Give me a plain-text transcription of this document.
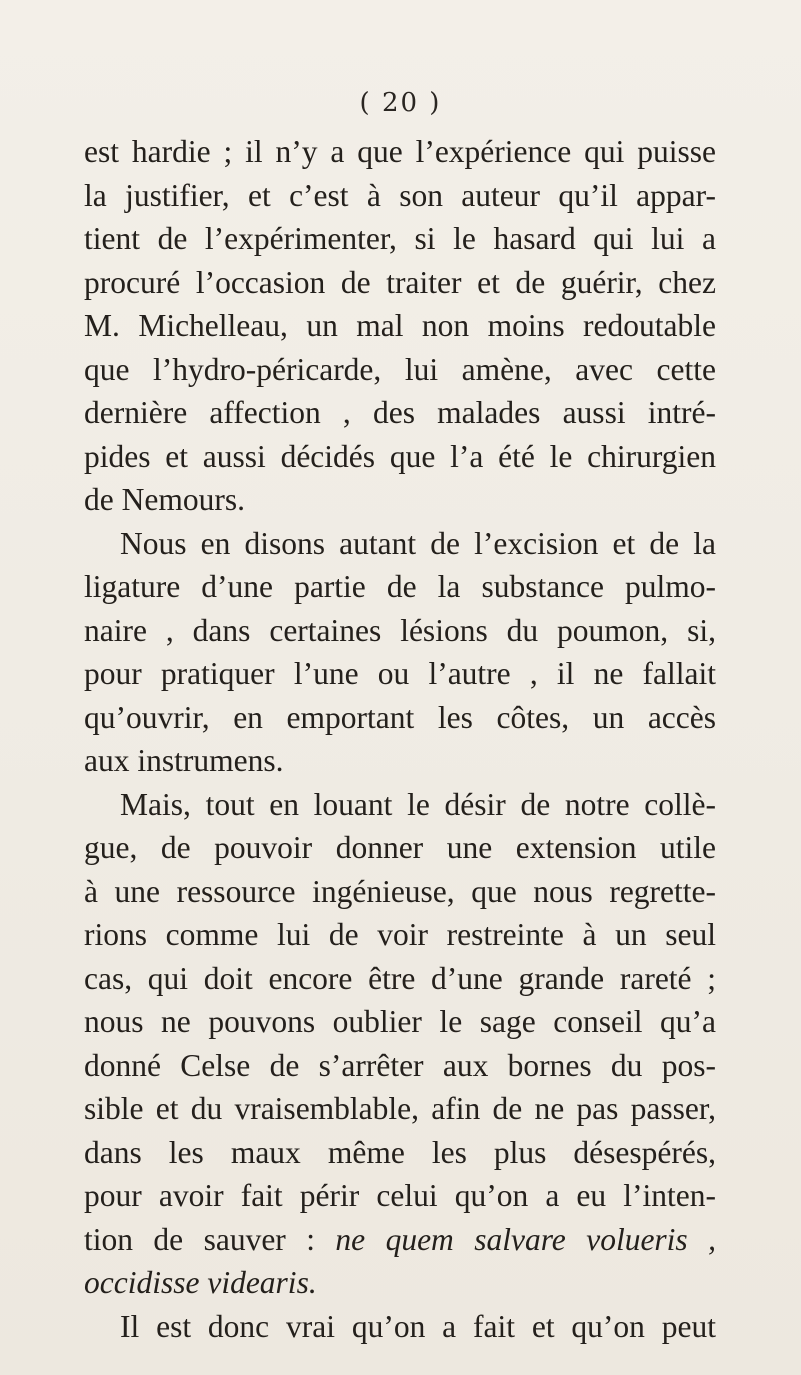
( 20 )
est hardie ; il n’y a que l’expérience qui puisse
la justifier, et c’est à son auteur qu’il appar-
tient de l’expérimenter, si le hasard qui lui a
procuré l’occasion de traiter et de guérir, chez
M. Michelleau, un mal non moins redoutable
que l’hydro-péricarde, lui amène, avec cette
dernière affection , des malades aussi intré-
pides et aussi décidés que l’a été le chirurgien
de Nemours.
Nous en disons autant de l’excision et de la
ligature d’une partie de la substance pulmo-
naire , dans certaines lésions du poumon, si,
pour pratiquer l’une ou l’autre , il ne fallait
qu’ouvrir, en emportant les côtes, un accès
aux instrumens.
Mais, tout en louant le désir de notre collè-
gue, de pouvoir donner une extension utile
à une ressource ingénieuse, que nous regrette-
rions comme lui de voir restreinte à un seul
cas, qui doit encore être d’une grande rareté ;
nous ne pouvons oublier le sage conseil qu’a
donné Celse de s’arrêter aux bornes du pos-
sible et du vraisemblable, afin de ne pas passer,
dans les maux même les plus désespérés,
pour avoir fait périr celui qu’on a eu l’inten-
tion de sauver : ne quem salvare volueris ,
occidisse videaris.
Il est donc vrai qu’on a fait et qu’on peut
